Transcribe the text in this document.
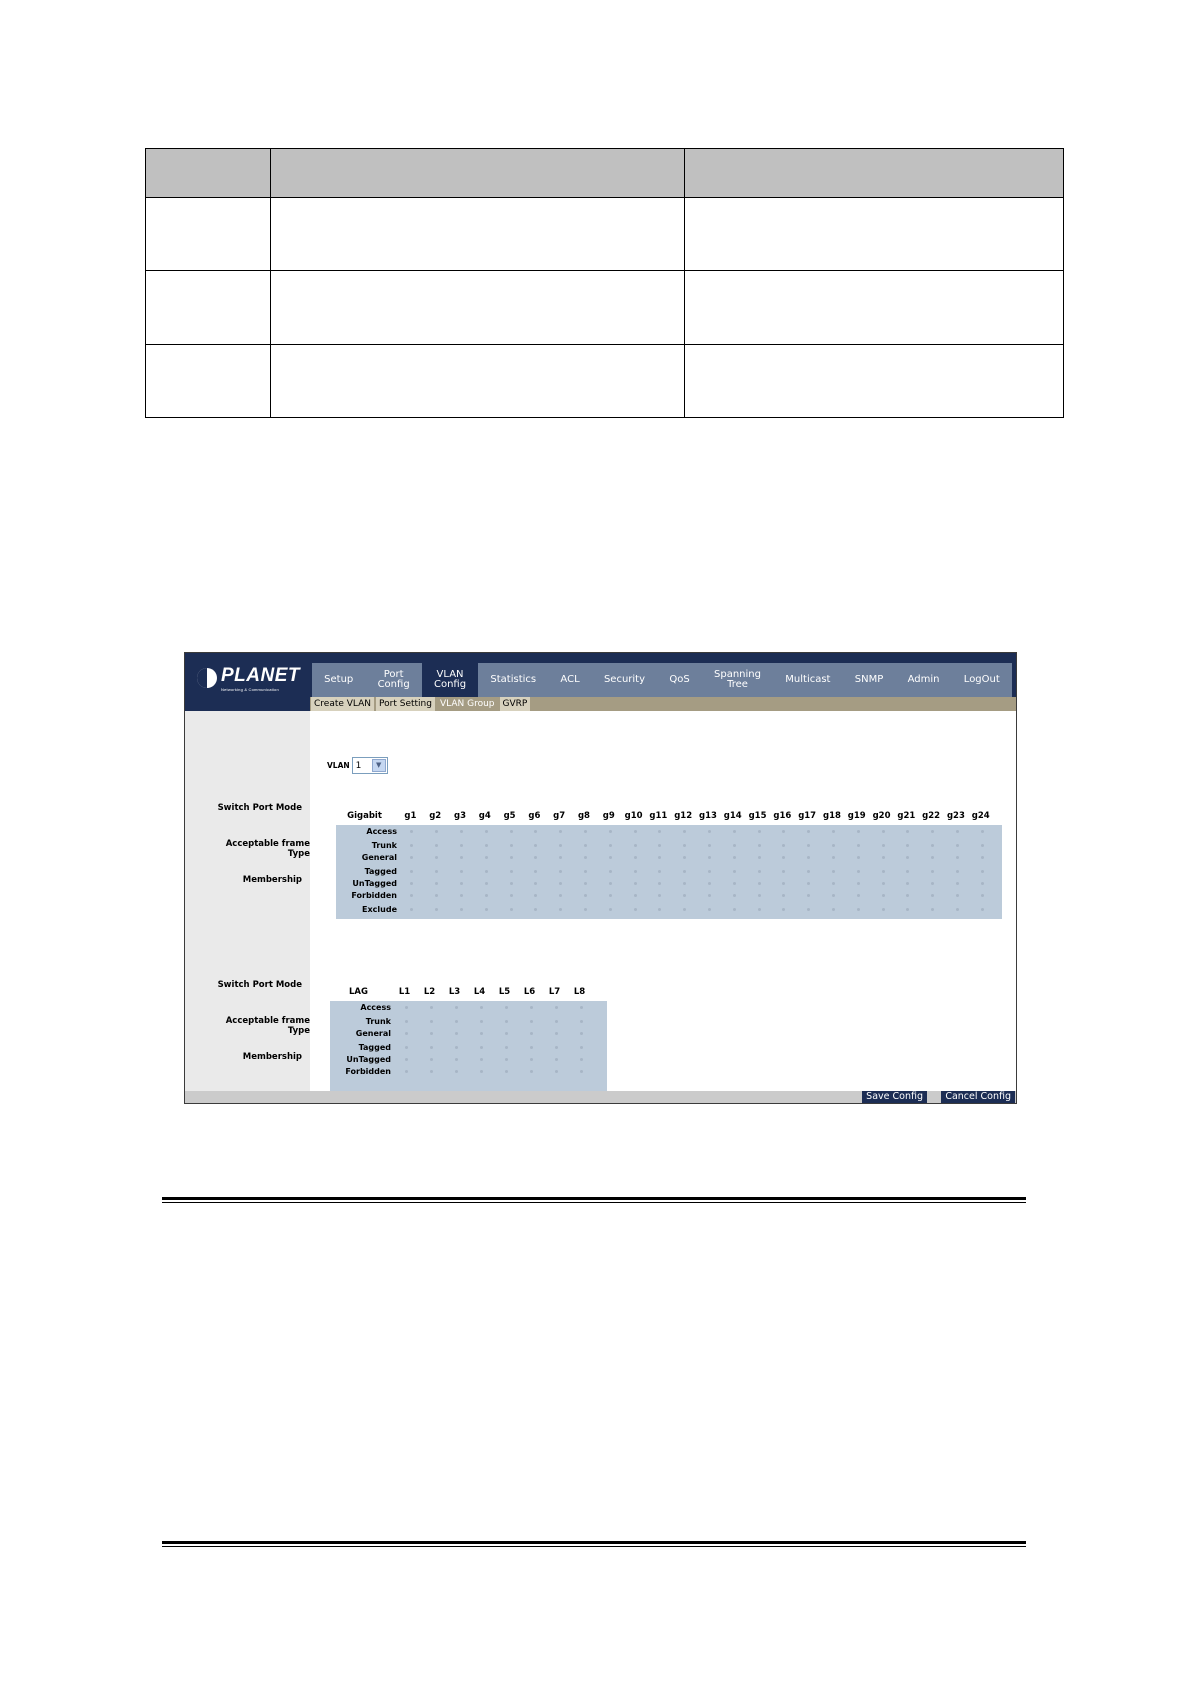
PLANET
Networking & Communication
Setup	Port
Config
VLAN
Config	Statistics	ACL	Security	QoS	Spanning
Tree	Multicast	SNMP	Admin	LogOut
Create VLAN Port Setting VLAN Group GVRP
Switch Port Mode
Acceptable frame
Type
Membership
Switch Port Mode
Acceptable frame
Type
Membership
VLAN 1	▼
Gigabit	g1	g2	g3	g4	g5	g6	g7	g8	g9	g10 g11 g12 g13 g14 g15 g16 g17 g18 g19 g20 g21 g22 g23 g24
Access
Trunk
General
Tagged
UnTagged
Forbidden
Exclude
LAG	L1	L2	L3	L4	L5	L6	L7	L8
Access
Trunk
General
Tagged
UnTagged
Forbidden
Save Config	Cancel Config
